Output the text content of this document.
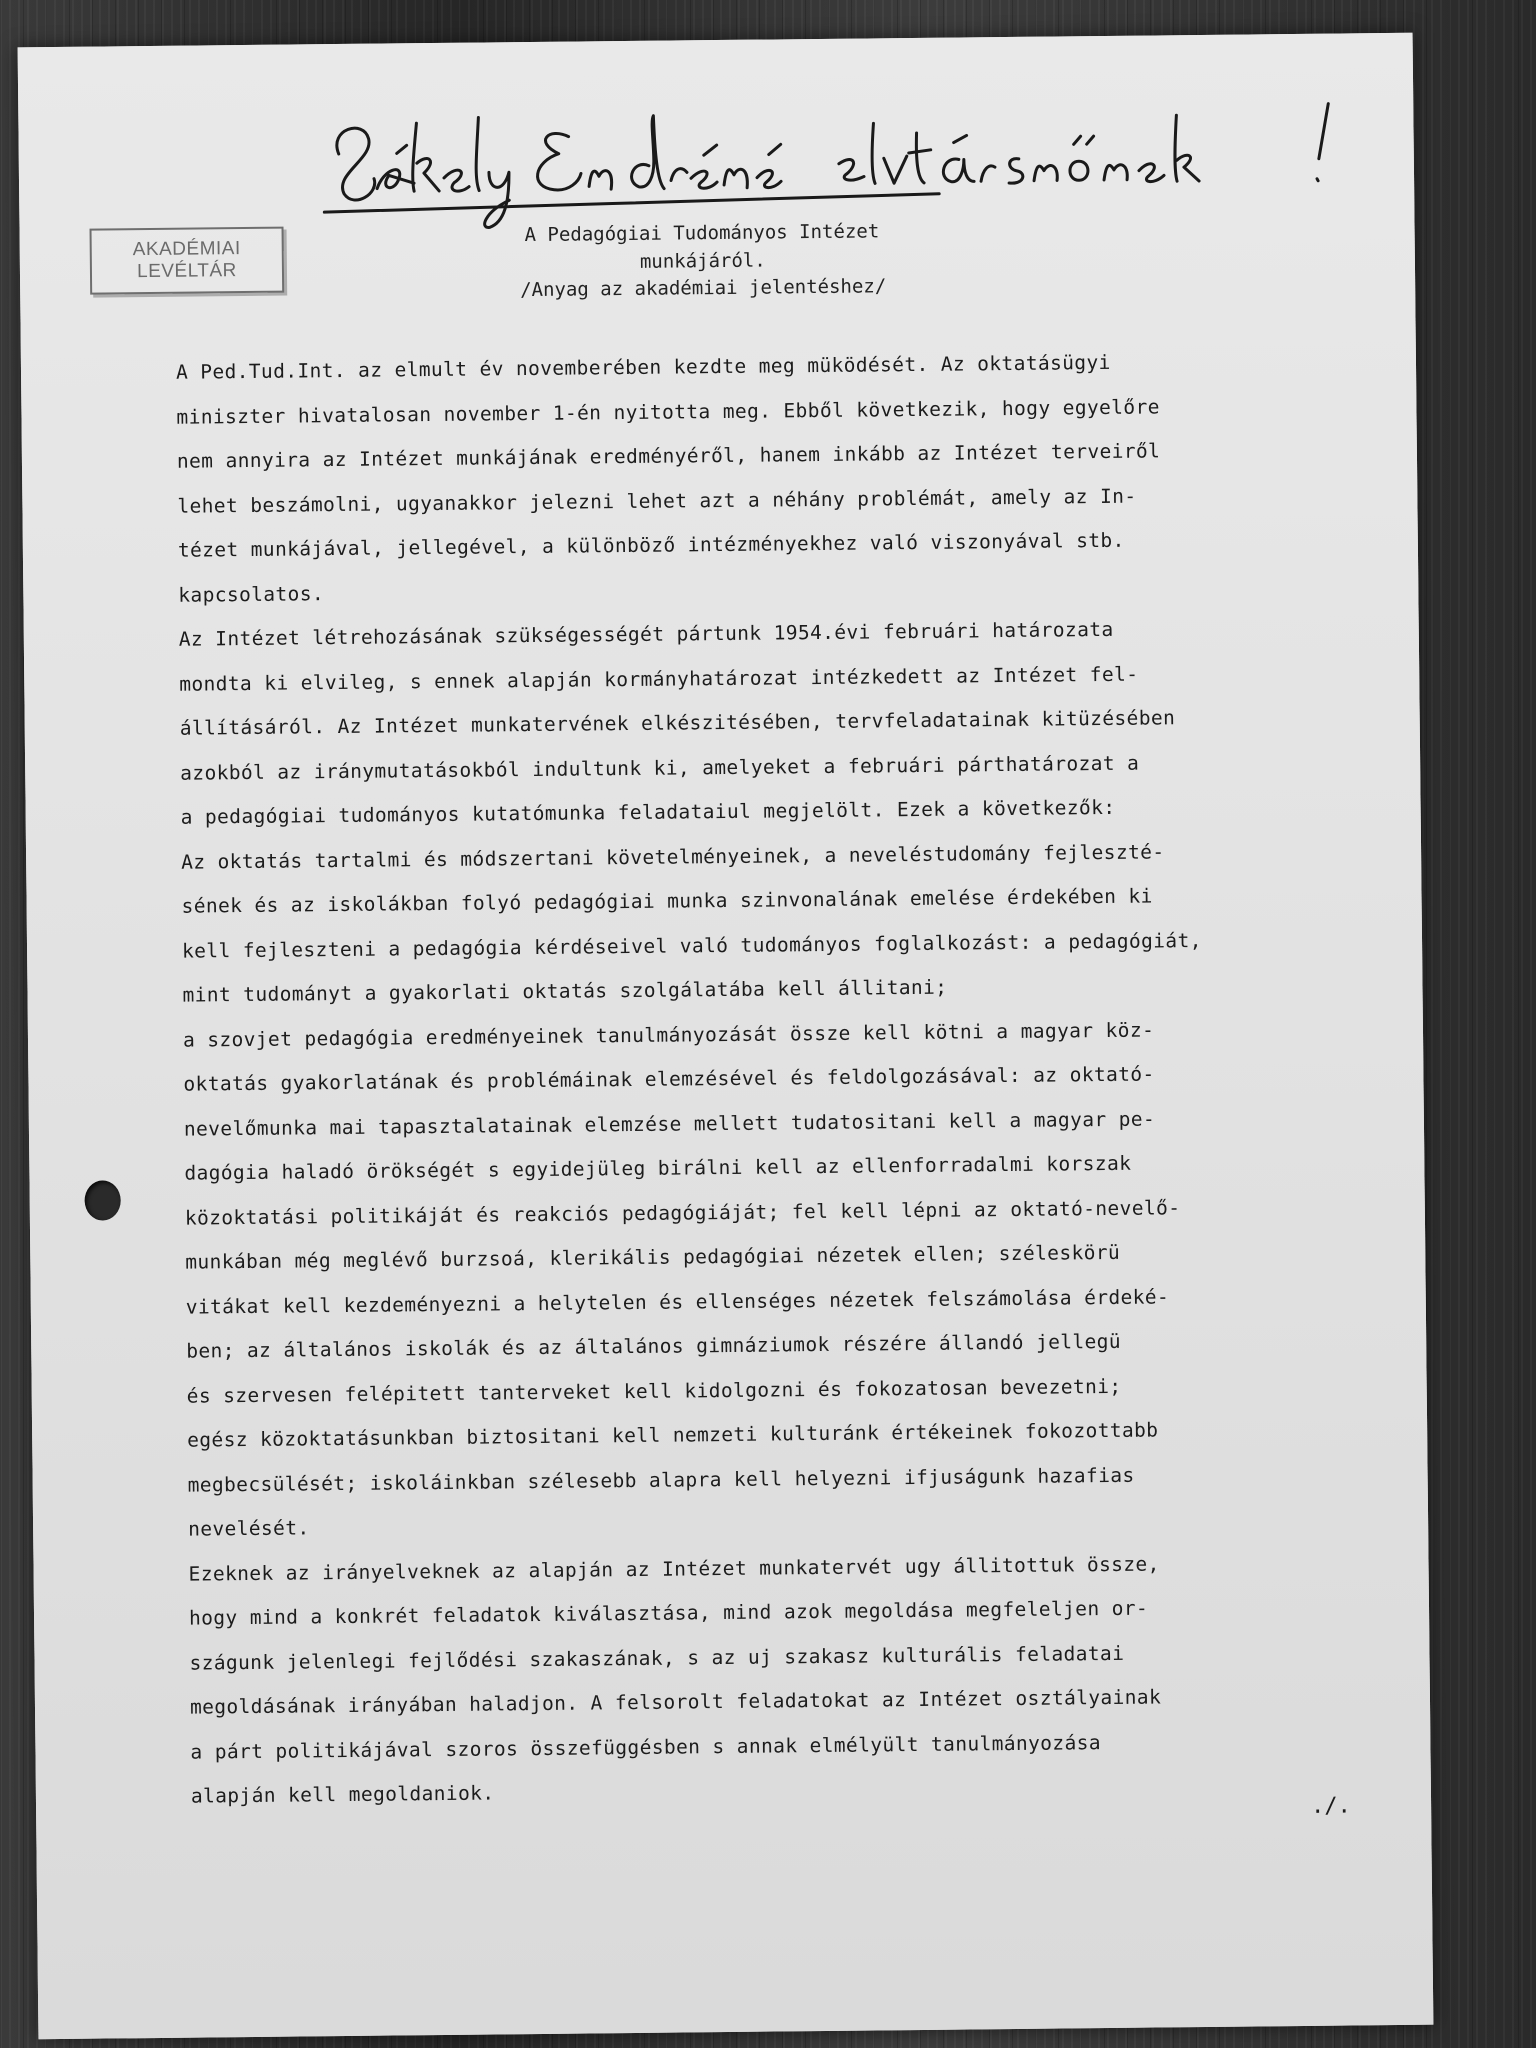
AKADÉMIAI
LEVÉLTÁR
A Pedagógiai Tudományos Intézet
munkájáról.
/Anyag az akadémiai jelentéshez/
A Ped.Tud.Int. az elmult év novemberében kezdte meg müködését. Az oktatásügyi
miniszter hivatalosan november 1-én nyitotta meg. Ebből következik, hogy egyelőre
nem annyira az Intézet munkájának eredményéről, hanem inkább az Intézet terveiről
lehet beszámolni, ugyanakkor jelezni lehet azt a néhány problémát, amely az In-
tézet munkájával, jellegével, a különböző intézményekhez való viszonyával stb.
kapcsolatos.
Az Intézet létrehozásának szükségességét pártunk 1954.évi februári határozata
mondta ki elvileg, s ennek alapján kormányhatározat intézkedett az Intézet fel-
állításáról. Az Intézet munkatervének elkészitésében, tervfeladatainak kitüzésében
azokból az iránymutatásokból indultunk ki, amelyeket a februári párthatározat a
a pedagógiai tudományos kutatómunka feladataiul megjelölt. Ezek a következők:
Az oktatás tartalmi és módszertani követelményeinek, a neveléstudomány fejleszté-
sének és az iskolákban folyó pedagógiai munka szinvonalának emelése érdekében ki
kell fejleszteni a pedagógia kérdéseivel való tudományos foglalkozást: a pedagógiát,
mint tudományt a gyakorlati oktatás szolgálatába kell állitani;
a szovjet pedagógia eredményeinek tanulmányozását össze kell kötni a magyar köz-
oktatás gyakorlatának és problémáinak elemzésével és feldolgozásával: az oktató-
nevelőmunka mai tapasztalatainak elemzése mellett tudatositani kell a magyar pe-
dagógia haladó örökségét s egyidejüleg birálni kell az ellenforradalmi korszak
közoktatási politikáját és reakciós pedagógiáját; fel kell lépni az oktató-nevelő-
munkában még meglévő burzsoá, klerikális pedagógiai nézetek ellen; széleskörü
vitákat kell kezdeményezni a helytelen és ellenséges nézetek felszámolása érdeké-
ben; az általános iskolák és az általános gimnáziumok részére állandó jellegü
és szervesen felépitett tanterveket kell kidolgozni és fokozatosan bevezetni;
egész közoktatásunkban biztositani kell nemzeti kulturánk értékeinek fokozottabb
megbecsülését; iskoláinkban szélesebb alapra kell helyezni ifjuságunk hazafias
nevelését.
Ezeknek az irányelveknek az alapján az Intézet munkatervét ugy állitottuk össze,
hogy mind a konkrét feladatok kiválasztása, mind azok megoldása megfeleljen or-
szágunk jelenlegi fejlődési szakaszának, s az uj szakasz kulturális feladatai
megoldásának irányában haladjon. A felsorolt feladatokat az Intézet osztályainak
a párt politikájával szoros összefüggésben s annak elmélyült tanulmányozása
alapján kell megoldaniok.	./.
